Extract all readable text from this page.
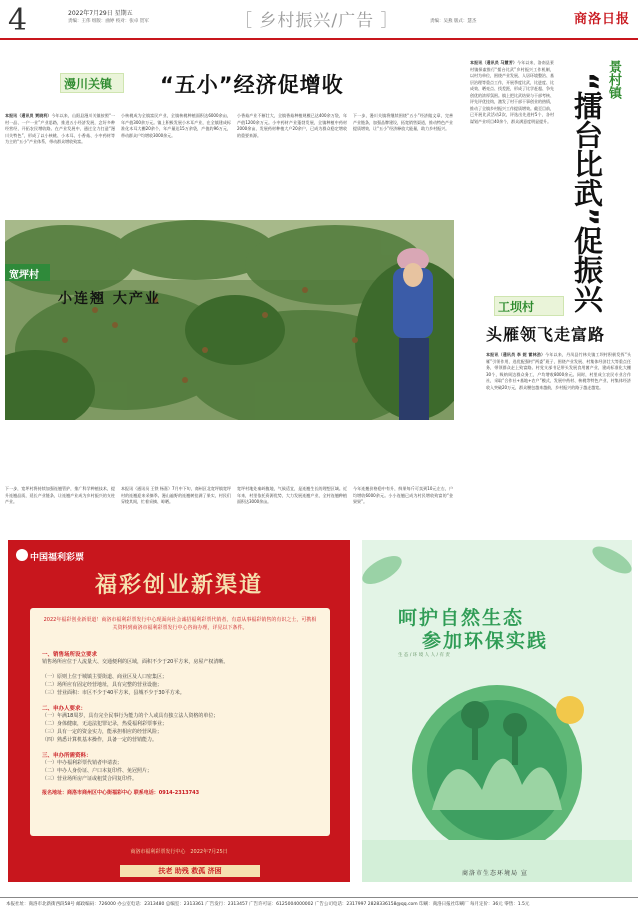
4	2022年7月29日 星期五
责编：王伟 组版：曲婷 校对：张卓 贺军	［ 乡村振兴/广告 ］	责编：吴燕 版式：慧杰	商洛日报
漫川关镇 “五小”经济促增收
本报讯（通讯员 贾晓利）今年以来，山阳县漫川关镇按照“一村一品、一户一业”产业思路，推进五小经济发展，念好多种经营经，开拓农民增收路。在产业发展中，通过全力打造“漫川关特色”，形成了以小核桃、小木耳、小香菇、小中药材等为主的“五小”产业体系，带动群众增收致富。
小核桃成为全镇富民产业，全镇核桃种植面积达6000余亩，年产值300余万元。镇上积极发展小木耳产业，在全镇建成标准化木耳大棚20余个，年产量达15万余袋，产值约96万元，带动群众户均增收3000余元。
小香菇产业不断壮大，全镇香菇种植规模已达400余万袋，年产值1200余万元。小中药材产业蓬勃发展，全镇种植中药材2000余亩，发展药材种植大户20余户，已成为群众稳定增收的重要来源。
下一步，漫川关镇将继续围绕“五小”经济做文章，完善产业链条，加强品牌建设，拓宽销售渠道，推动特色产业提质增效，让“五小”经济释放大能量，助力乡村振兴。
宽坪村
小连翘 大产业
本报讯（通讯员 王铁 杨嘉）7月中下旬，商州区北宽坪镇宽坪村的连翘迎来采摘季。漫山遍野的连翘树挂满了果实，村民们穿梭其间，忙着采摘、晾晒。
宽坪村地处秦岭腹地，气候适宜，是连翘生长的理想区域。近年来，村里依托资源优势，大力发展连翘产业，全村连翘种植面积达3000余亩。
今年连翘价格稳中有升，鲜果每斤可卖到10元左右，户均增收6000余元。小小连翘已成为村民增收致富的“金果果”。
下一步，宽坪村将持续加强连翘管护，推广科学种植技术，提升连翘品质，延长产业链条，让连翘产业成为乡村振兴的支柱产业。
景村镇
“擂台比武”促振兴
本报讯（通讯员 马慧芳）今年以来，洛南县景村镇探索推行“擂台比武”乡村振兴工作机制，以村为单位，围绕产业发展、人居环境整治、基层治理等重点工作，开展季度比武，比进度、比成效、晒亮点、找差距，形成了比学赶超、争先创优的浓厚氛围。镇上把比武结果与干部考核、评先评优挂钩，激发了村干部干事创业的热情，推动了全镇乡村振兴工作提质增效。截至目前，已开展比武活动2次，评选出先进村5个，各村谋划产业项目40余个，群众满意度明显提升。
工坝村
头雁领飞走富路
本报讯（通讯员 李 妮 雷林劲）今年以来，丹凤县竹林关镇工坝村积极发挥“头雁”引领作用，选优配强村“两委”班子，围绕产业发展、村集体经济壮大等重点任务，带领群众走上致富路。村党支部书记带头发展食用菌产业，建成标准化大棚30个，吸纳周边群众务工，户均增收8000余元。同时，村里成立农民专业合作社，采取“合作社+基地+农户”模式，发展中药材、核桃等特色产业，村集体经济收入突破20万元，群众腰包越来越鼓，乡村振兴的路子越走越宽。
中国福利彩票
福彩创业新渠道
2022年福彩创业新渠道！商洛市福利彩票发行中心现面向社会诚招福利彩票代销者，有意从事福彩销售的有识之士，可携相关资料到商洛市福利彩票发行中心咨询办理，详见以下条件。
一、销售场所设立要求
销售场所应位于人流量大、交通便利的区域，面积不少于20平方米，房屋产权清晰。
（一）原则上位于城镇主要街道、商业区及人口密集区；
（二）场所应有固定经营地址，具有完整的营业设施；
（三）营业面积：市区不少于40平方米，县城不少于30平方米。
二、申办人要求：
（一）年满18周岁，具有完全民事行为能力的个人或具有独立法人资格的单位；
（二）身体健康，无违法犯罪记录，热爱福利彩票事业；
（三）具有一定的资金实力，能承担相应的经营风险；
（四）熟悉计算机基本操作，具备一定的营销能力。
三、申办所需资料：
（一）申办福利彩票代销者申请表；
（二）申办人身份证、户口本复印件、免冠照片；
（三）营业场所房产证或租赁合同复印件。
报名地址：商洛市商州区中心街福彩中心 联系电话：0914-2313743
商洛市福利彩票发行中心　 2022年7月25日
扶老 助残 救孤 济困
呵护自然生态
参加环保实践
生 态 / 环 境 人 人 / 有 责
商洛市生态环境局 宣
本报社址：商洛市北新街西段58号 邮政编码：726000 办公室电话：2313480 总编室：2313361 广告发行：2313457 广告许可证：6125004000002 广告公司电话：2317997 2828336158@qq.com 印刷：商洛日报社印刷厂 每月定价：36元 零售：1.5元
